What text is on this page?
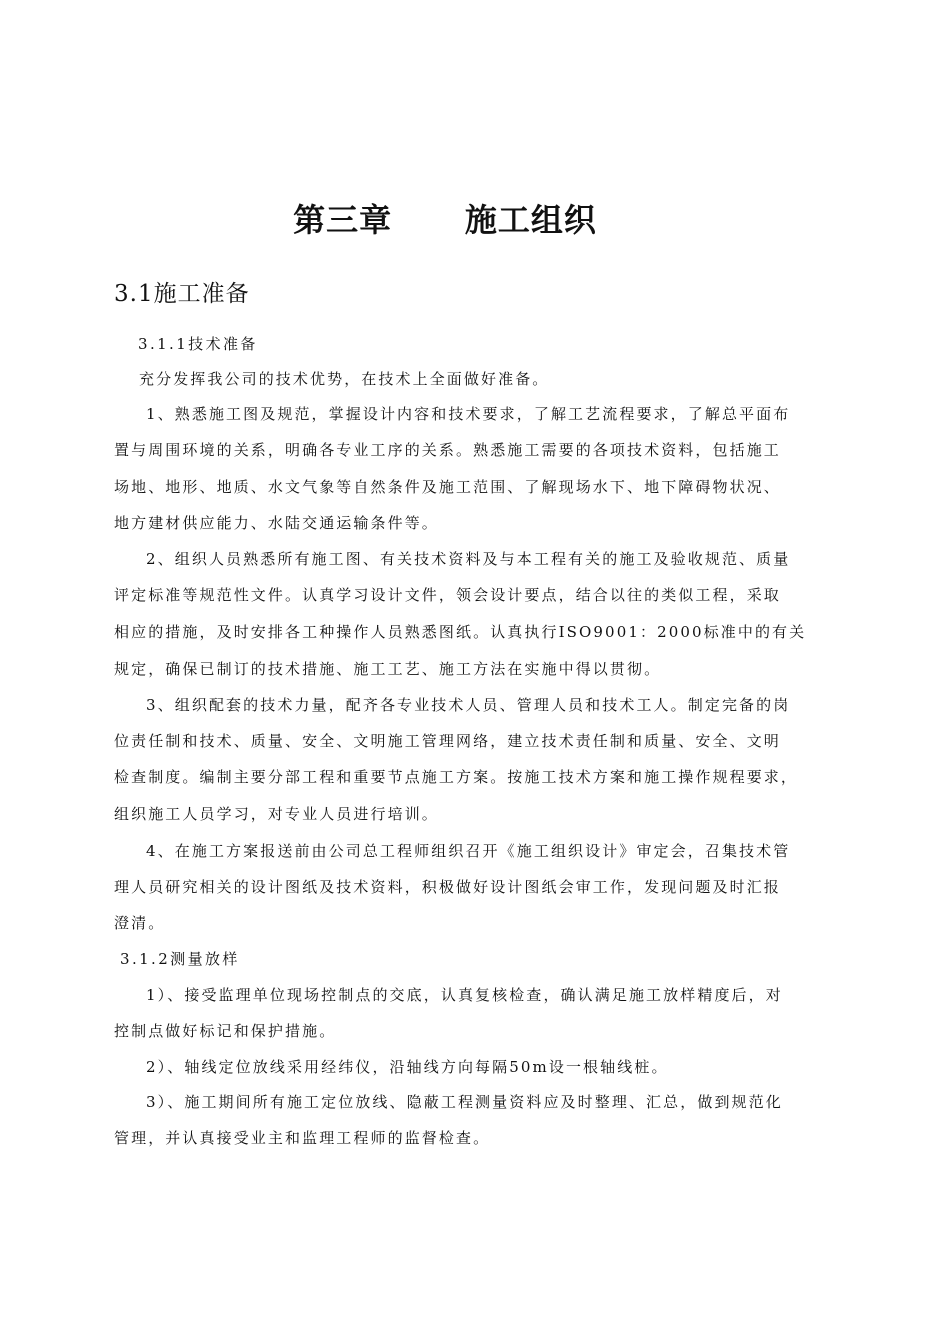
第三章      施工组织
3.1施工准备
3.1.1技术准备
充分发挥我公司的技术优势，在技术上全面做好准备。
1、熟悉施工图及规范，掌握设计内容和技术要求，了解工艺流程要求，了解总平面布
置与周围环境的关系，明确各专业工序的关系。熟悉施工需要的各项技术资料，包括施工
场地、地形、地质、水文气象等自然条件及施工范围、了解现场水下、地下障碍物状况、
地方建材供应能力、水陆交通运输条件等。
2、组织人员熟悉所有施工图、有关技术资料及与本工程有关的施工及验收规范、质量
评定标准等规范性文件。认真学习设计文件，领会设计要点，结合以往的类似工程，采取
相应的措施，及时安排各工种操作人员熟悉图纸。认真执行ISO9001：2000标准中的有关
规定，确保已制订的技术措施、施工工艺、施工方法在实施中得以贯彻。
3、组织配套的技术力量，配齐各专业技术人员、管理人员和技术工人。制定完备的岗
位责任制和技术、质量、安全、文明施工管理网络，建立技术责任制和质量、安全、文明
检查制度。编制主要分部工程和重要节点施工方案。按施工技术方案和施工操作规程要求，
组织施工人员学习，对专业人员进行培训。
4、在施工方案报送前由公司总工程师组织召开《施工组织设计》审定会，召集技术管
理人员研究相关的设计图纸及技术资料，积极做好设计图纸会审工作，发现问题及时汇报
澄清。
3.1.2测量放样
1）、接受监理单位现场控制点的交底，认真复核检查，确认满足施工放样精度后，对
控制点做好标记和保护措施。
2）、轴线定位放线采用经纬仪，沿轴线方向每隔50m设一根轴线桩。
3）、施工期间所有施工定位放线、隐蔽工程测量资料应及时整理、汇总，做到规范化
管理，并认真接受业主和监理工程师的监督检查。
